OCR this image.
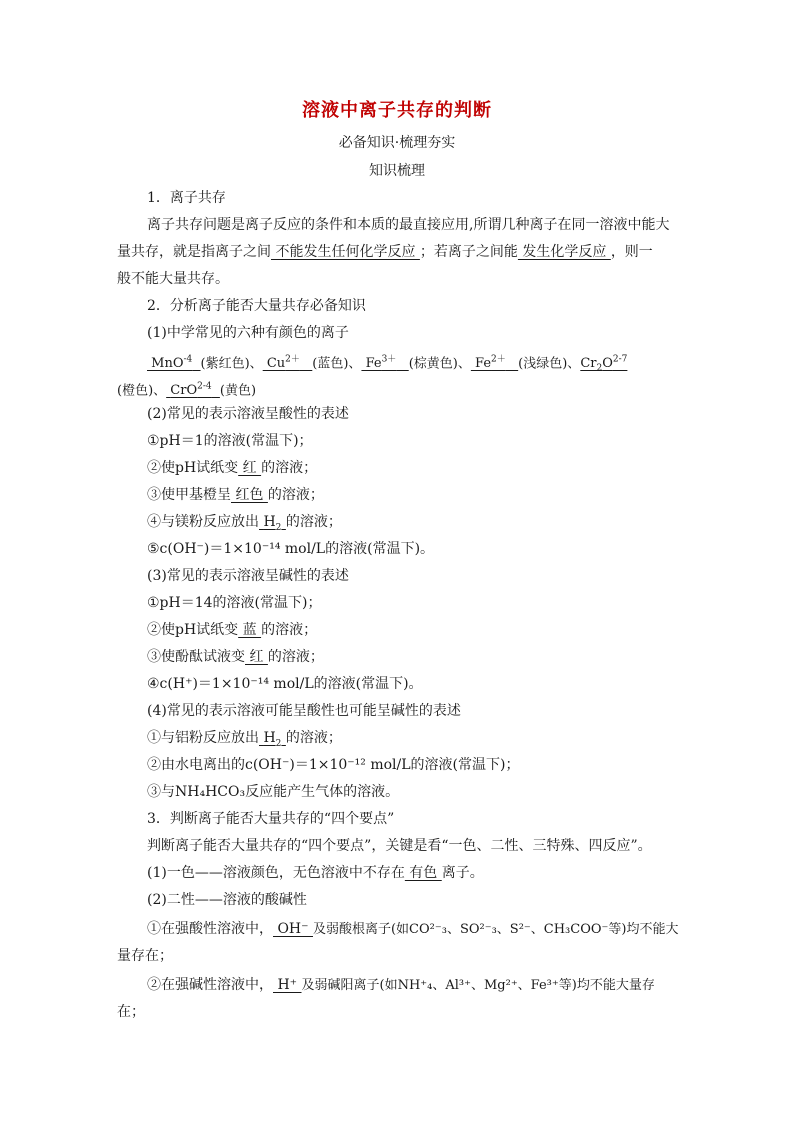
溶液中离子共存的判断
必备知识·梳理夯实
知识梳理
1．离子共存
离子共存问题是离子反应的条件和本质的最直接应用,所谓几种离子在同一溶液中能大
量共存，就是指离子之间 不能发生任何化学反应 ；若离子之间能 发生化学反应 ，则一
般不能大量共存。
2．分析离子能否大量共存必备知识
(1)中学常见的六种有颜色的离子
MnO$^{-4}$ (紫红色)、 $Cu^{2+}$ (蓝色)、 $Fe^{3+}$ (棕黄色)、 $Fe^{2+}$ (浅绿色)、$Cr_2O^{2-7}$
(橙色)、 CrO$^{2-4}$ (黄色)
(2)常见的表示溶液呈酸性的表述
①pH＝1的溶液(常温下)；
②使pH试纸变 红 的溶液；
③使甲基橙呈 红色 的溶液；
④与镁粉反应放出 $H_2$ 的溶液；
⑤c(OH⁻)＝1×10⁻¹⁴ mol/L的溶液(常温下)。
(3)常见的表示溶液呈碱性的表述
①pH＝14的溶液(常温下)；
②使pH试纸变 蓝 的溶液；
③使酚酞试液变 红 的溶液；
④c(H⁺)＝1×10⁻¹⁴ mol/L的溶液(常温下)。
(4)常见的表示溶液可能呈酸性也可能呈碱性的表述
①与铝粉反应放出 $H_2$ 的溶液；
②由水电离出的c(OH⁻)＝1×10⁻¹² mol/L的溶液(常温下)；
③与NH₄HCO₃反应能产生气体的溶液。
3．判断离子能否大量共存的“四个要点”
判断离子能否大量共存的“四个要点”，关键是看“一色、二性、三特殊、四反应”。
(1)一色——溶液颜色，无色溶液中不存在 有色 离子。
(2)二性——溶液的酸碱性
①在强酸性溶液中， OH⁻ 及弱酸根离子(如CO²⁻₃、SO²⁻₃、S²⁻、CH₃COO⁻等)均不能大
量存在；
②在强碱性溶液中， H⁺ 及弱碱阳离子(如NH⁺₄、Al³⁺、Mg²⁺、Fe³⁺等)均不能大量存
在；
